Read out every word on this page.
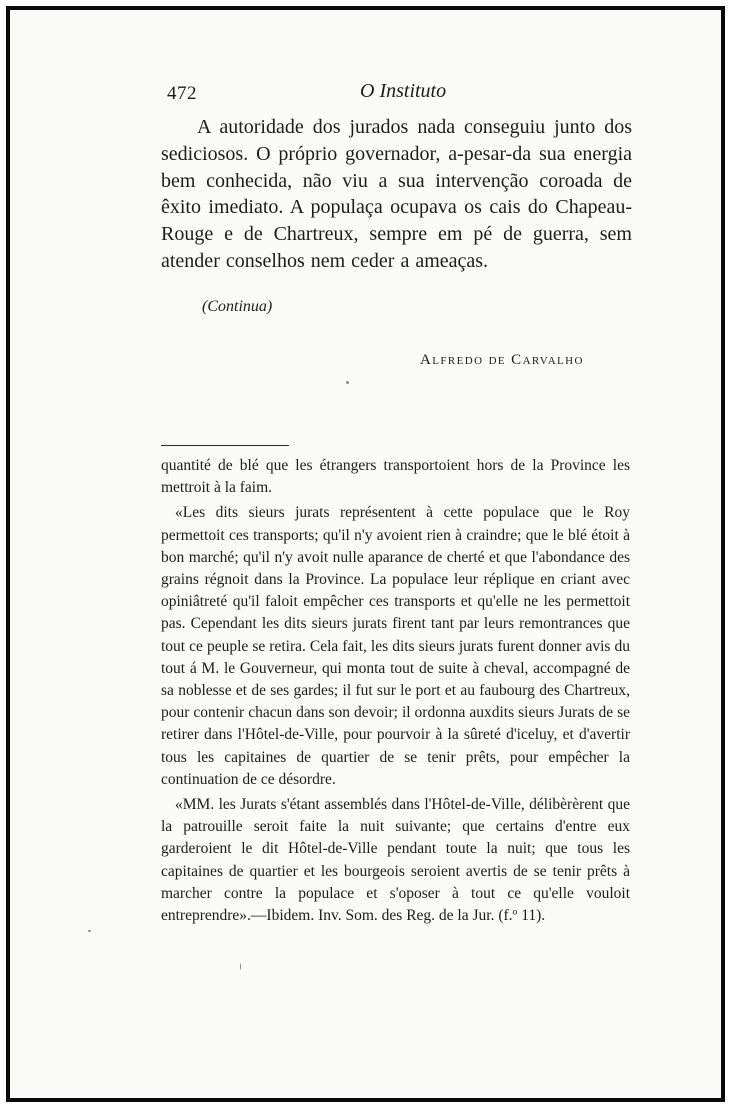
472	O Instituto
A autoridade dos jurados nada conseguiu junto dos sediciosos. O próprio governador, a-pesar-da sua energia bem conhecida, não viu a sua intervenção coroada de êxito imediato. A populaça ocupava os cais do Chapeau-Rouge e de Chartreux, sempre em pé de guerra, sem atender conselhos nem ceder a ameaças.
(Continua)
Alfredo de Carvalho

quantité de blé que les étrangers transportoient hors de la Province les mettroit à la faim.

«Les dits sieurs jurats représentent à cette populace que le Roy permettoit ces transports; qu'il n'y avoient rien à craindre; que le blé étoit à bon marché; qu'il n'y avoit nulle aparance de cherté et que l'abondance des grains régnoit dans la Province. La populace leur réplique en criant avec opiniâtreté qu'il faloit empêcher ces transports et qu'elle ne les permettoit pas. Cependant les dits sieurs jurats firent tant par leurs remontrances que tout ce peuple se retira. Cela fait, les dits sieurs jurats furent donner avis du tout á M. le Gouverneur, qui monta tout de suite à cheval, accompagné de sa noblesse et de ses gardes; il fut sur le port et au faubourg des Chartreux, pour contenir chacun dans son devoir; il ordonna auxdits sieurs Jurats de se retirer dans l'Hôtel-de-Ville, pour pourvoir à la sûreté d'iceluy, et d'avertir tous les capitaines de quartier de se tenir prêts, pour empêcher la continuation de ce désordre.

«MM. les Jurats s'étant assemblés dans l'Hôtel-de-Ville, délibèrèrent que la patrouille seroit faite la nuit suivante; que certains d'entre eux garderoient le dit Hôtel-de-Ville pendant toute la nuit; que tous les capitaines de quartier et les bourgeois seroient avertis de se tenir prêts à marcher contre la populace et s'oposer à tout ce qu'elle vouloit entreprendre».—Ibidem. Inv. Som. des Reg. de la Jur. (f.º 11).
